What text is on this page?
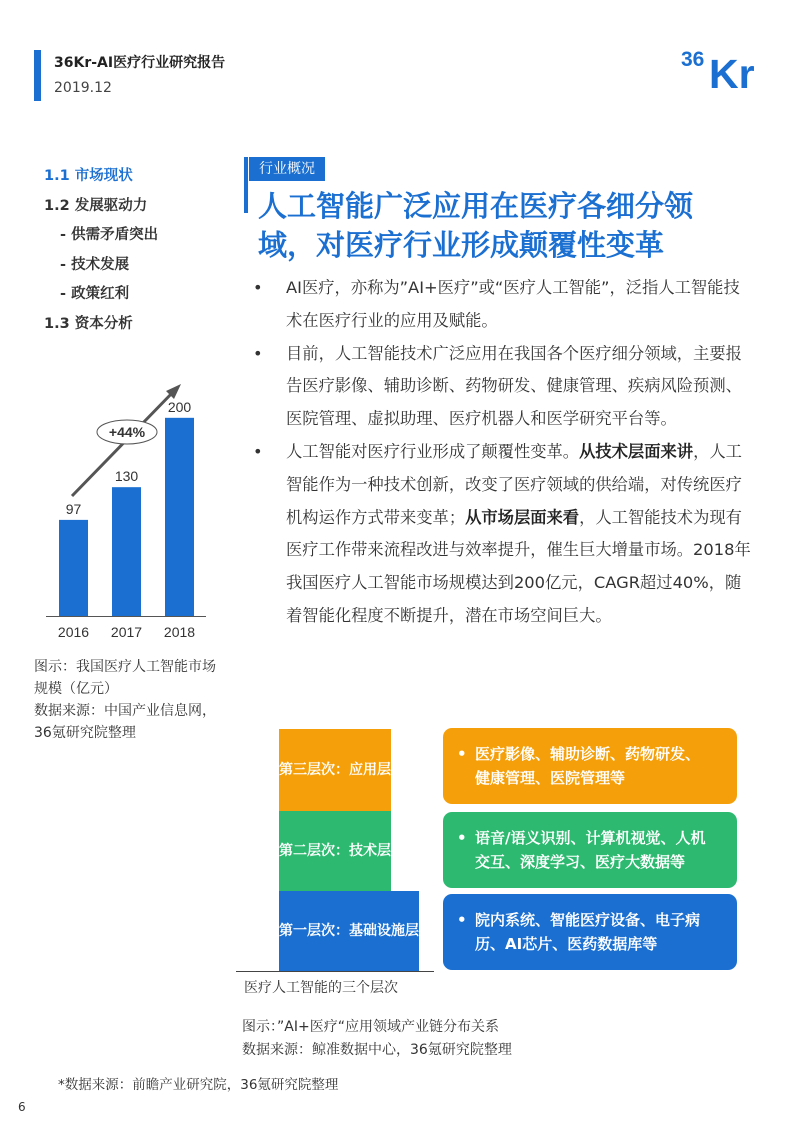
36Kr-AI医疗行业研究报告
2019.12
36 Kr
1.1 市场现状
1.2 发展驱动力
- 供需矛盾突出
- 技术发展
- 政策红利
1.3 资本分析
97
2016
130
2017
200
2018
+44%
图示：我国医疗人工智能市场
规模（亿元）
数据来源：中国产业信息网，
36氪研究院整理
行业概况
人工智能广泛应用在医疗各细分领
域，对医疗行业形成颠覆性变革

• AI医疗，亦称为”AI+医疗”或“医疗人工智能”，泛指人工智能技术在医疗行业的应用及赋能。

• 目前，人工智能技术广泛应用在我国各个医疗细分领域，主要报告医疗影像、辅助诊断、药物研发、健康管理、疾病风险预测、医院管理、虚拟助理、医疗机器人和医学研究平台等。

• 人工智能对医疗行业形成了颠覆性变革。从技术层面来讲，人工智能作为一种技术创新，改变了医疗领域的供给端，对传统医疗机构运作方式带来变革；从市场层面来看，人工智能技术为现有医疗工作带来流程改进与效率提升，催生巨大增量市场。2018年我国医疗人工智能市场规模达到200亿元，CAGR超过40%，随着智能化程度不断提升，潜在市场空间巨大。

第三层次：应用层
第二层次：技术层
第一层次：基础设施层
医疗人工智能的三个层次
• 医疗影像、辅助诊断、药物研发、
健康管理、医院管理等
• 语音/语义识别、计算机视觉、人机
交互、深度学习、医疗大数据等
• 院内系统、智能医疗设备、电子病
历、AI芯片、医药数据库等
图示：”AI+医疗“应用领域产业链分布关系
数据来源：鲸准数据中心，36氪研究院整理
*数据来源：前瞻产业研究院，36氪研究院整理
6
